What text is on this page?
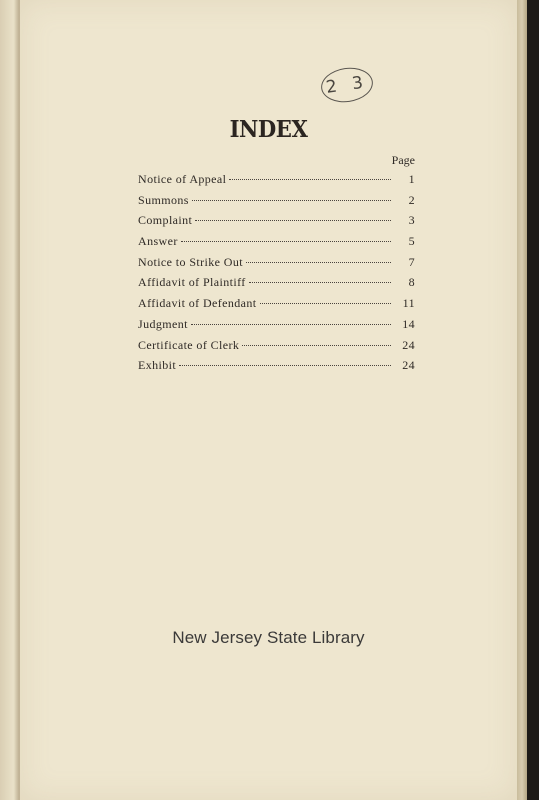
2 3
INDEX
Page
Notice of Appeal	1
Summons	2
Complaint	3
Answer	5
Notice to Strike Out	7
Affidavit of Plaintiff	8
Affidavit of Defendant	11
Judgment	14
Certificate of Clerk	24
Exhibit	24
New Jersey State Library
